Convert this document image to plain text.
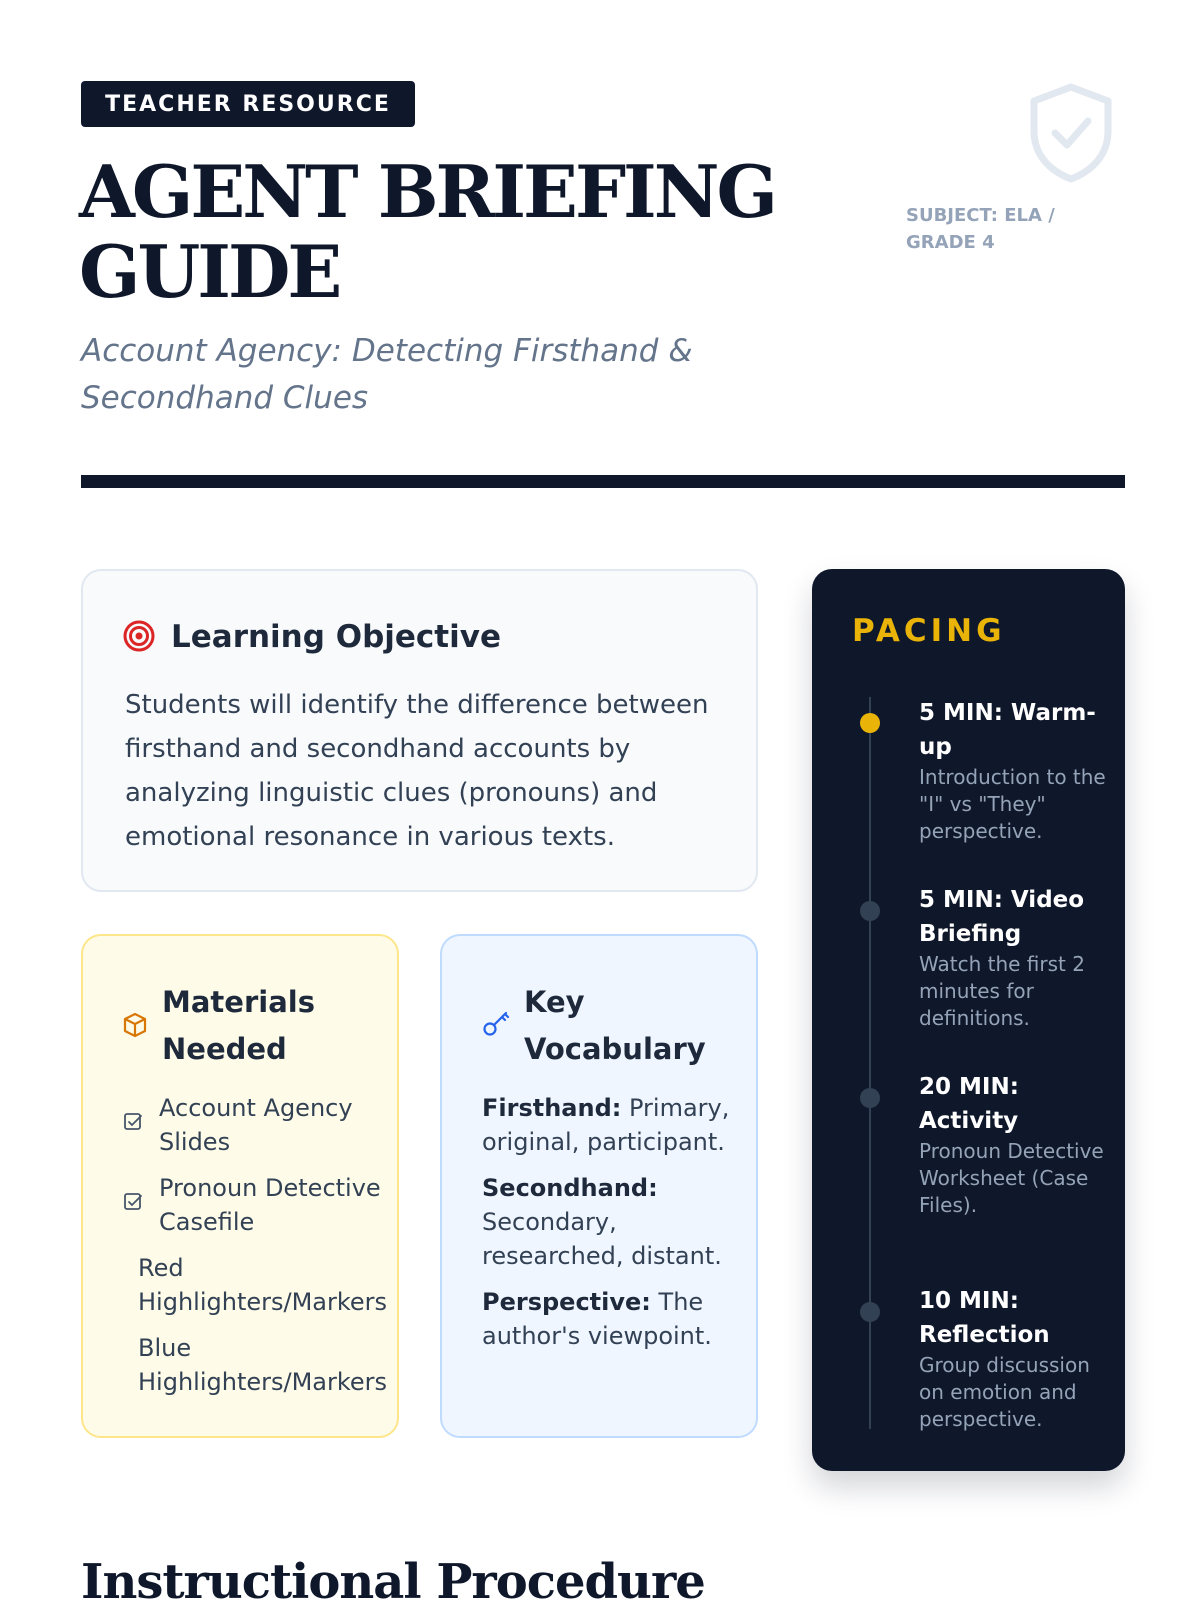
TEACHER RESOURCE
AGENT BRIEFING
GUIDE
Account Agency: Detecting Firsthand & Secondhand Clues
SUBJECT: ELA / GRADE 4
Learning Objective

Students will identify the difference between firsthand and secondhand accounts by analyzing linguistic clues (pronouns) and emotional resonance in various texts.

Materials Needed
Account Agency Slides
Pronoun Detective Casefile
Red Highlighters/Markers
Blue Highlighters/Markers
Key Vocabulary
Firsthand: Primary, original, participant.
Secondhand: Secondary, researched, distant.
Perspective: The author's viewpoint.
PACING
5 MIN: Warm-up
Introduction to the "I" vs "They" perspective.
5 MIN: Video Briefing
Watch the first 2 minutes for definitions.
20 MIN: Activity
Pronoun Detective Worksheet (Case Files).
10 MIN: Reflection
Group discussion on emotion and perspective.
Instructional Procedure
